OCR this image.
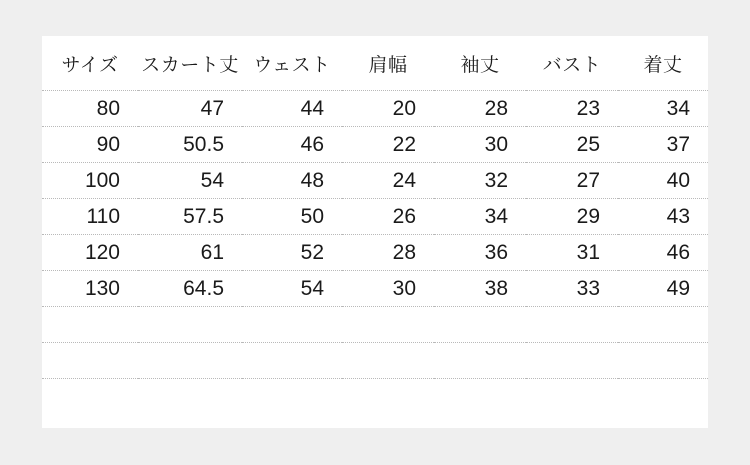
サイズ	スカート丈	ウェスト	肩幅	袖丈	バスト	着丈
80	47	44	20	28	23	34
90	50.5	46	22	30	25	37
100	54	48	24	32	27	40
110	57.5	50	26	34	29	43
120	61	52	28	36	31	46
130	64.5	54	30	38	33	49
